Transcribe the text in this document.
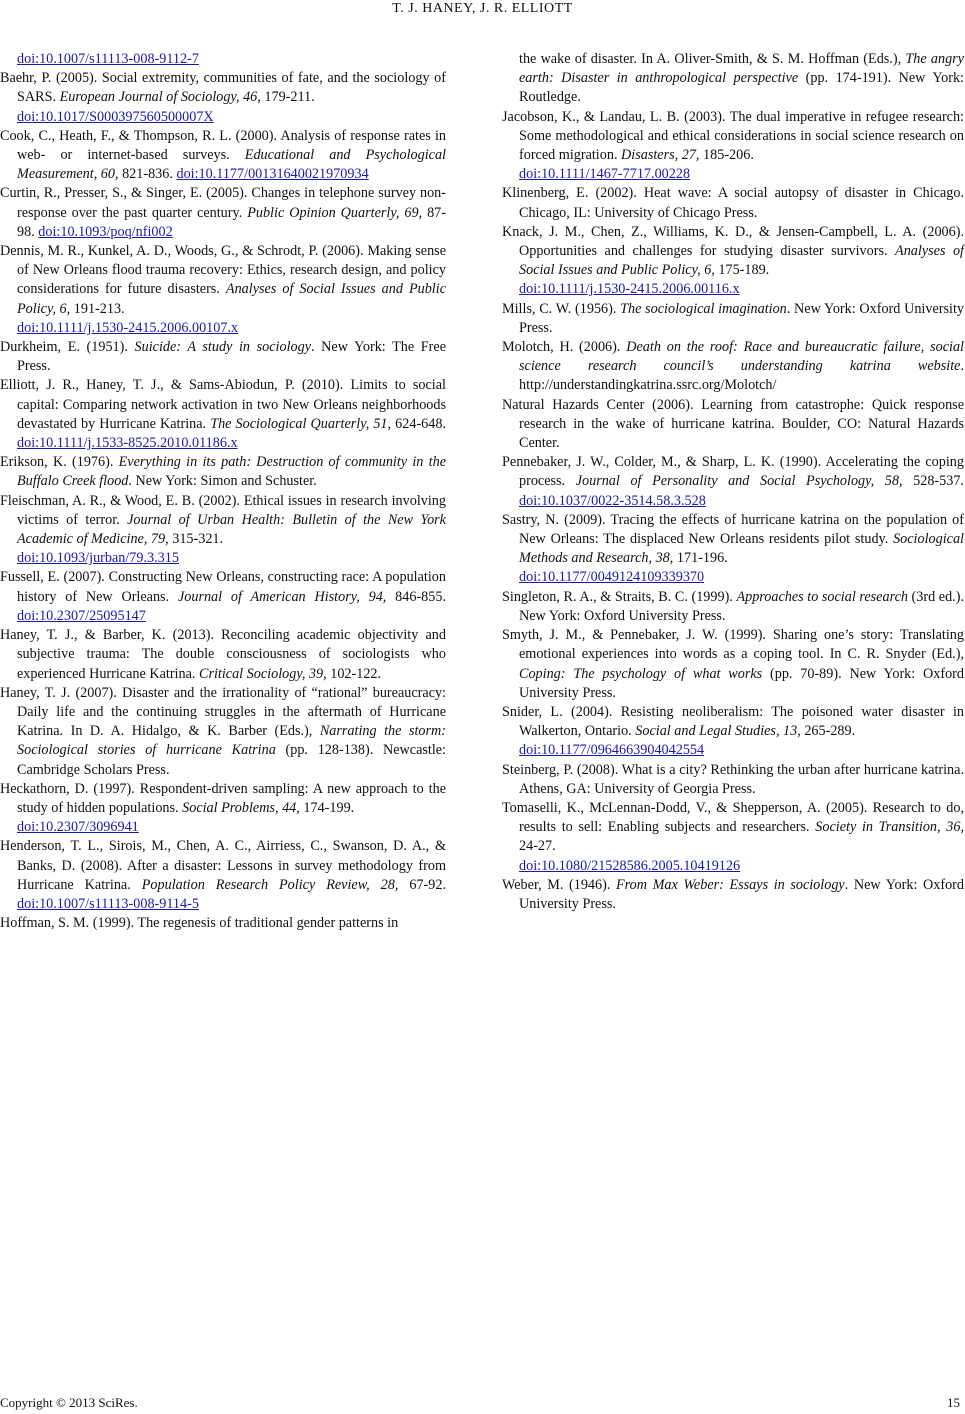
T. J. HANEY, J. R. ELLIOTT

doi:10.1007/s11113-008-9112-7

Baehr, P. (2005). Social extremity, communities of fate, and the sociology of SARS. European Journal of Sociology, 46, 179-211.
doi:10.1017/S000397560500007X

Cook, C., Heath, F., & Thompson, R. L. (2000). Analysis of response rates in web- or internet-based surveys. Educational and Psychological Measurement, 60, 821-836. doi:10.1177/00131640021970934

Curtin, R., Presser, S., & Singer, E. (2005). Changes in telephone survey non-response over the past quarter century. Public Opinion Quarterly, 69, 87-98. doi:10.1093/poq/nfi002

Dennis, M. R., Kunkel, A. D., Woods, G., & Schrodt, P. (2006). Making sense of New Orleans flood trauma recovery: Ethics, research design, and policy considerations for future disasters. Analyses of Social Issues and Public Policy, 6, 191-213.
doi:10.1111/j.1530-2415.2006.00107.x

Durkheim, E. (1951). Suicide: A study in sociology. New York: The Free Press.

Elliott, J. R., Haney, T. J., & Sams-Abiodun, P. (2010). Limits to social capital: Comparing network activation in two New Orleans neighborhoods devastated by Hurricane Katrina. The Sociological Quarterly, 51, 624-648. doi:10.1111/j.1533-8525.2010.01186.x

Erikson, K. (1976). Everything in its path: Destruction of community in the Buffalo Creek flood. New York: Simon and Schuster.

Fleischman, A. R., & Wood, E. B. (2002). Ethical issues in research involving victims of terror. Journal of Urban Health: Bulletin of the New York Academic of Medicine, 79, 315-321.
doi:10.1093/jurban/79.3.315

Fussell, E. (2007). Constructing New Orleans, constructing race: A population history of New Orleans. Journal of American History, 94, 846-855. doi:10.2307/25095147

Haney, T. J., & Barber, K. (2013). Reconciling academic objectivity and subjective trauma: The double consciousness of sociologists who experienced Hurricane Katrina. Critical Sociology, 39, 102-122.

Haney, T. J. (2007). Disaster and the irrationality of “rational” bureaucracy: Daily life and the continuing struggles in the aftermath of Hurricane Katrina. In D. A. Hidalgo, & K. Barber (Eds.), Narrating the storm: Sociological stories of hurricane Katrina (pp. 128-138). Newcastle: Cambridge Scholars Press.

Heckathorn, D. (1997). Respondent-driven sampling: A new approach to the study of hidden populations. Social Problems, 44, 174-199.
doi:10.2307/3096941

Henderson, T. L., Sirois, M., Chen, A. C., Airriess, C., Swanson, D. A., & Banks, D. (2008). After a disaster: Lessons in survey methodology from Hurricane Katrina. Population Research Policy Review, 28, 67-92. doi:10.1007/s11113-008-9114-5

Hoffman, S. M. (1999). The regenesis of traditional gender patterns in

the wake of disaster. In A. Oliver-Smith, & S. M. Hoffman (Eds.), The angry earth: Disaster in anthropological perspective (pp. 174-191). New York: Routledge.

Jacobson, K., & Landau, L. B. (2003). The dual imperative in refugee research: Some methodological and ethical considerations in social science research on forced migration. Disasters, 27, 185-206.
doi:10.1111/1467-7717.00228

Klinenberg, E. (2002). Heat wave: A social autopsy of disaster in Chicago. Chicago, IL: University of Chicago Press.

Knack, J. M., Chen, Z., Williams, K. D., & Jensen-Campbell, L. A. (2006). Opportunities and challenges for studying disaster survivors. Analyses of Social Issues and Public Policy, 6, 175-189.
doi:10.1111/j.1530-2415.2006.00116.x

Mills, C. W. (1956). The sociological imagination. New York: Oxford University Press.

Molotch, H. (2006). Death on the roof: Race and bureaucratic failure, social science research council’s understanding katrina website. http://understandingkatrina.ssrc.org/Molotch/

Natural Hazards Center (2006). Learning from catastrophe: Quick response research in the wake of hurricane katrina. Boulder, CO: Natural Hazards Center.

Pennebaker, J. W., Colder, M., & Sharp, L. K. (1990). Accelerating the coping process. Journal of Personality and Social Psychology, 58, 528-537. doi:10.1037/0022-3514.58.3.528

Sastry, N. (2009). Tracing the effects of hurricane katrina on the population of New Orleans: The displaced New Orleans residents pilot study. Sociological Methods and Research, 38, 171-196.
doi:10.1177/0049124109339370

Singleton, R. A., & Straits, B. C. (1999). Approaches to social research (3rd ed.). New York: Oxford University Press.

Smyth, J. M., & Pennebaker, J. W. (1999). Sharing one’s story: Translating emotional experiences into words as a coping tool. In C. R. Snyder (Ed.), Coping: The psychology of what works (pp. 70-89). New York: Oxford University Press.

Snider, L. (2004). Resisting neoliberalism: The poisoned water disaster in Walkerton, Ontario. Social and Legal Studies, 13, 265-289.
doi:10.1177/0964663904042554

Steinberg, P. (2008). What is a city? Rethinking the urban after hurricane katrina. Athens, GA: University of Georgia Press.

Tomaselli, K., McLennan-Dodd, V., & Shepperson, A. (2005). Research to do, results to sell: Enabling subjects and researchers. Society in Transition, 36, 24-27.
doi:10.1080/21528586.2005.10419126

Weber, M. (1946). From Max Weber: Essays in sociology. New York: Oxford University Press.

Copyright © 2013 SciRes.	15
